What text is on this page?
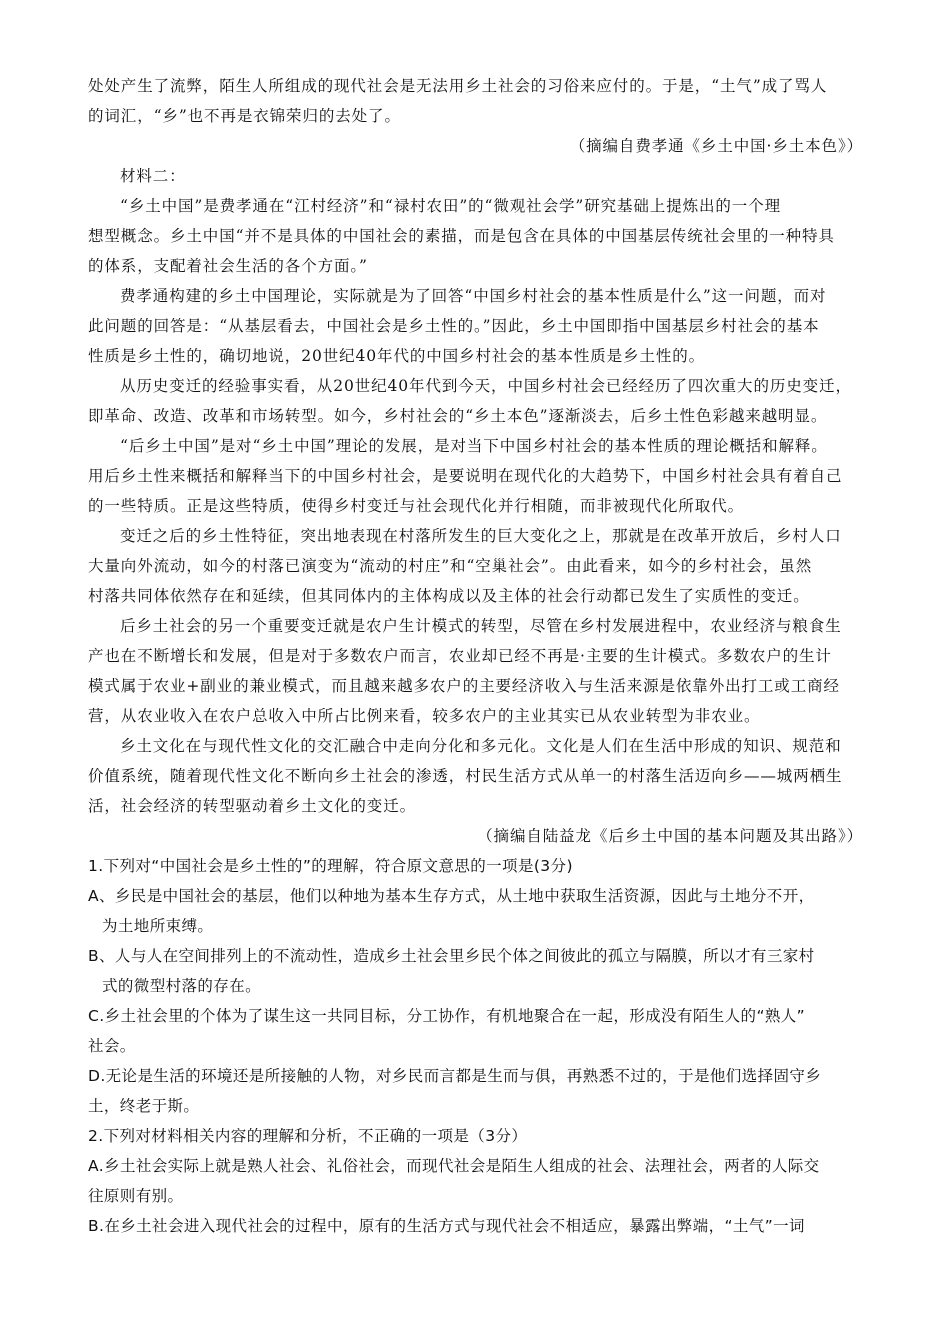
处处产生了流弊，陌生人所组成的现代社会是无法用乡土社会的习俗来应付的。于是，“土气”成了骂人
的词汇，“乡”也不再是衣锦荣归的去处了。
（摘编自费孝通《乡土中国·乡土本色》）
材料二：
“乡土中国”是费孝通在“江村经济”和“禄村农田”的“微观社会学”研究基础上提炼出的一个理
想型概念。乡土中国“并不是具体的中国社会的素描，而是包含在具体的中国基层传统社会里的一种特具
的体系，支配着社会生活的各个方面。”
费孝通构建的乡土中国理论，实际就是为了回答“中国乡村社会的基本性质是什么”这一问题，而对
此问题的回答是：“从基层看去，中国社会是乡土性的。”因此，乡土中国即指中国基层乡村社会的基本
性质是乡土性的，确切地说，20世纪40年代的中国乡村社会的基本性质是乡土性的。
从历史变迁的经验事实看，从20世纪40年代到今天，中国乡村社会已经经历了四次重大的历史变迁，
即革命、改造、改革和市场转型。如今，乡村社会的“乡土本色”逐渐淡去，后乡土性色彩越来越明显。
“后乡土中国”是对“乡土中国”理论的发展，是对当下中国乡村社会的基本性质的理论概括和解释。
用后乡土性来概括和解释当下的中国乡村社会，是要说明在现代化的大趋势下，中国乡村社会具有着自己
的一些特质。正是这些特质，使得乡村变迁与社会现代化并行相随，而非被现代化所取代。
变迁之后的乡土性特征，突出地表现在村落所发生的巨大变化之上，那就是在改革开放后，乡村人口
大量向外流动，如今的村落已演变为“流动的村庄”和“空巢社会”。由此看来，如今的乡村社会，虽然
村落共同体依然存在和延续，但其同体内的主体构成以及主体的社会行动都已发生了实质性的变迁。
后乡土社会的另一个重要变迁就是农户生计模式的转型，尽管在乡村发展进程中，农业经济与粮食生
产也在不断增长和发展，但是对于多数农户而言，农业却已经不再是·主要的生计模式。多数农户的生计
模式属于农业+副业的兼业模式，而且越来越多农户的主要经济收入与生活来源是依靠外出打工或工商经
营，从农业收入在农户总收入中所占比例来看，较多农户的主业其实已从农业转型为非农业。
乡土文化在与现代性文化的交汇融合中走向分化和多元化。文化是人们在生活中形成的知识、规范和
价值系统，随着现代性文化不断向乡土社会的渗透，村民生活方式从单一的村落生活迈向乡——城两栖生
活，社会经济的转型驱动着乡土文化的变迁。
（摘编自陆益龙《后乡土中国的基本问题及其出路》）
1.下列对“中国社会是乡土性的”的理解，符合原文意思的一项是(3分)
A、乡民是中国社会的基层，他们以种地为基本生存方式，从土地中获取生活资源，因此与土地分不开，
为土地所束缚。
B、人与人在空间排列上的不流动性，造成乡土社会里乡民个体之间彼此的孤立与隔膜，所以才有三家村
式的微型村落的存在。
C.乡土社会里的个体为了谋生这一共同目标，分工协作，有机地聚合在一起，形成没有陌生人的“熟人”
社会。
D.无论是生活的环境还是所接触的人物，对乡民而言都是生而与俱，再熟悉不过的，于是他们选择固守乡
土，终老于斯。
2.下列对材料相关内容的理解和分析，不正确的一项是（3分）
A.乡土社会实际上就是熟人社会、礼俗社会，而现代社会是陌生人组成的社会、法理社会，两者的人际交
往原则有别。
B.在乡土社会进入现代社会的过程中，原有的生活方式与现代社会不相适应，暴露出弊端，“土气”一词
